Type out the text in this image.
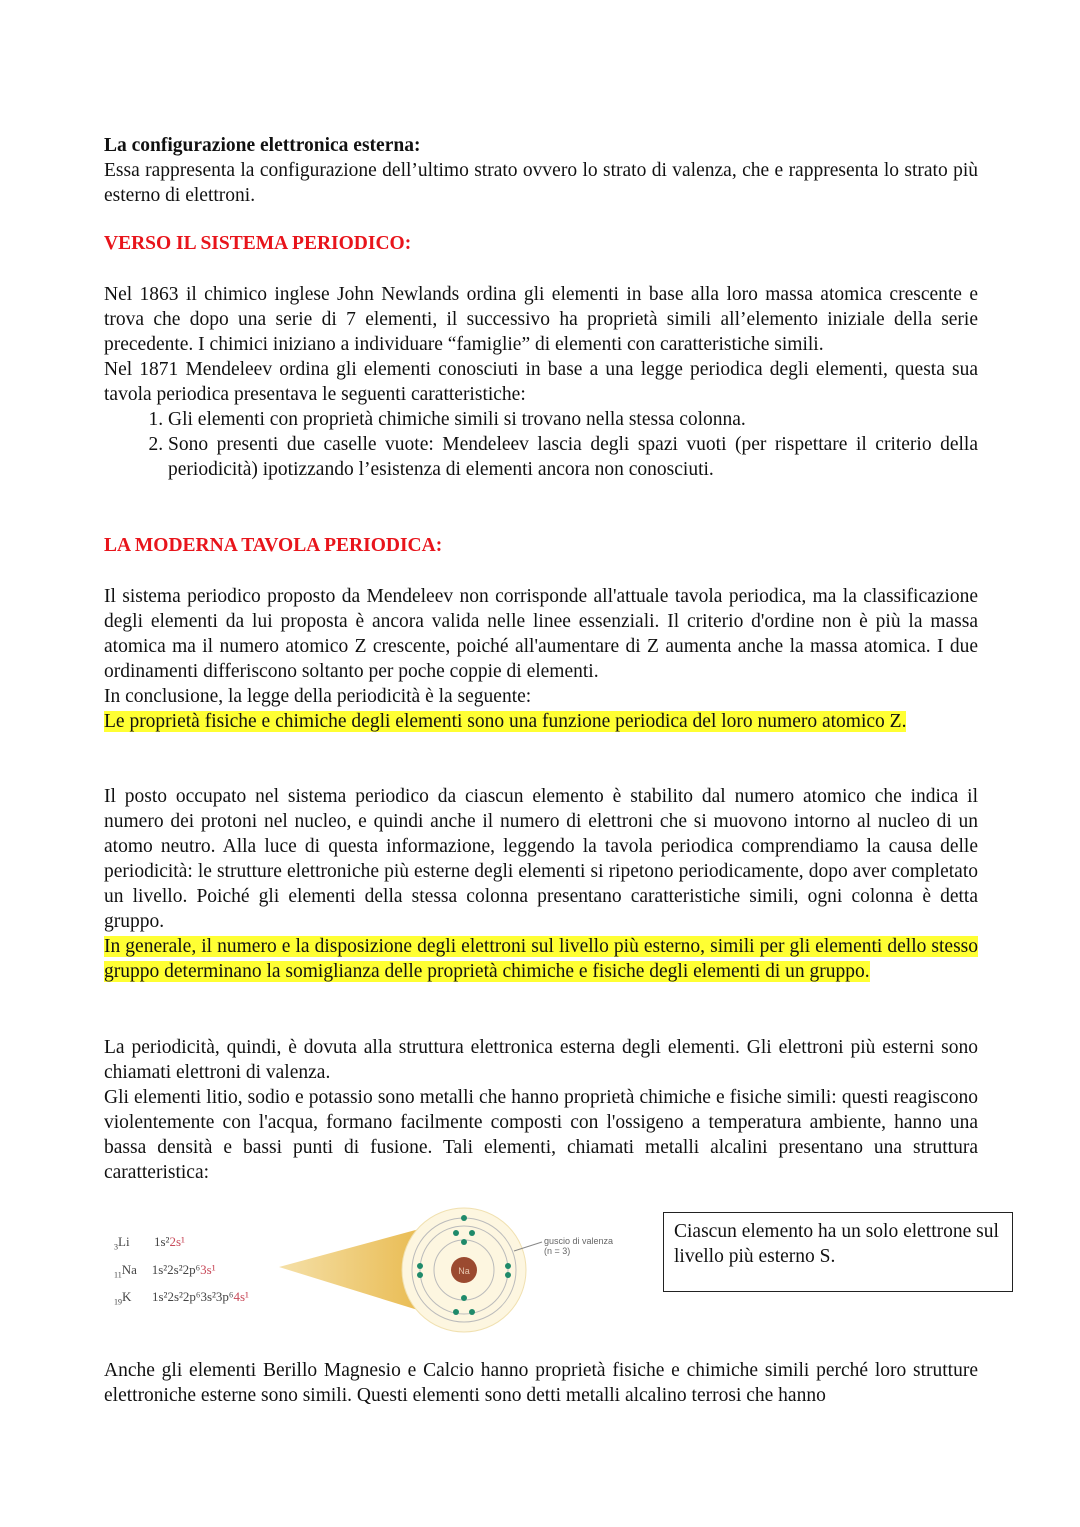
La configurazione elettronica esterna:
Essa rappresenta la configurazione dell’ultimo strato ovvero lo strato di valenza, che e rappresenta lo strato più esterno di elettroni.
VERSO IL SISTEMA PERIODICO:
Nel 1863 il chimico inglese John Newlands ordina gli elementi in base alla loro massa atomica crescente e trova che dopo una serie di 7 elementi, il successivo ha proprietà simili all’elemento iniziale della serie precedente. I chimici iniziano a individuare “famiglie” di elementi con caratteristiche simili.
Nel 1871 Mendeleev ordina gli elementi conosciuti in base a una legge periodica degli elementi, questa sua tavola periodica presentava le seguenti caratteristiche:
1. Gli elementi con proprietà chimiche simili si trovano nella stessa colonna.
2. Sono presenti due caselle vuote: Mendeleev lascia degli spazi vuoti (per rispettare il criterio della periodicità) ipotizzando l’esistenza di elementi ancora non conosciuti.
LA MODERNA TAVOLA PERIODICA:
Il sistema periodico proposto da Mendeleev non corrisponde all'attuale tavola periodica, ma la classificazione degli elementi da lui proposta è ancora valida nelle linee essenziali. Il criterio d'ordine non è più la massa atomica ma il numero atomico Z crescente, poiché all'aumentare di Z aumenta anche la massa atomica. I due ordinamenti differiscono soltanto per poche coppie di elementi.
In conclusione, la legge della periodicità è la seguente:
Le proprietà fisiche e chimiche degli elementi sono una funzione periodica del loro numero atomico Z.
Il posto occupato nel sistema periodico da ciascun elemento è stabilito dal numero atomico che indica il numero dei protoni nel nucleo, e quindi anche il numero di elettroni che si muovono intorno al nucleo di un atomo neutro. Alla luce di questa informazione, leggendo la tavola periodica comprendiamo la causa delle periodicità: le strutture elettroniche più esterne degli elementi si ripetono periodicamente, dopo aver completato un livello. Poiché gli elementi della stessa colonna presentano caratteristiche simili, ogni colonna è detta gruppo.
In generale, il numero e la disposizione degli elettroni sul livello più esterno, simili per gli elementi dello stesso gruppo determinano la somiglianza delle proprietà chimiche e fisiche degli elementi di un gruppo.
La periodicità, quindi, è dovuta alla struttura elettronica esterna degli elementi. Gli elettroni più esterni sono chiamati elettroni di valenza.
Gli elementi litio, sodio e potassio sono metalli che hanno proprietà chimiche e fisiche simili: questi reagiscono violentemente con l'acqua, formano facilmente composti con l'ossigeno a temperatura ambiente, hanno una bassa densità e bassi punti di fusione. Tali elementi, chiamati metalli alcalini presentano una struttura caratteristica:
$_3$Li 1s²2s¹
$_{11}$Na 1s²2s²2p⁶3s¹
$_{19}$K 1s²2s²2p⁶3s²3p⁶4s¹
Na
guscio di valenza
(n = 3)
Ciascun elemento ha un solo elettrone sul livello più esterno S.
Anche gli elementi Berillo Magnesio e Calcio hanno proprietà fisiche e chimiche simili perché loro strutture elettroniche esterne sono simili. Questi elementi sono detti metalli alcalino terrosi che hanno
